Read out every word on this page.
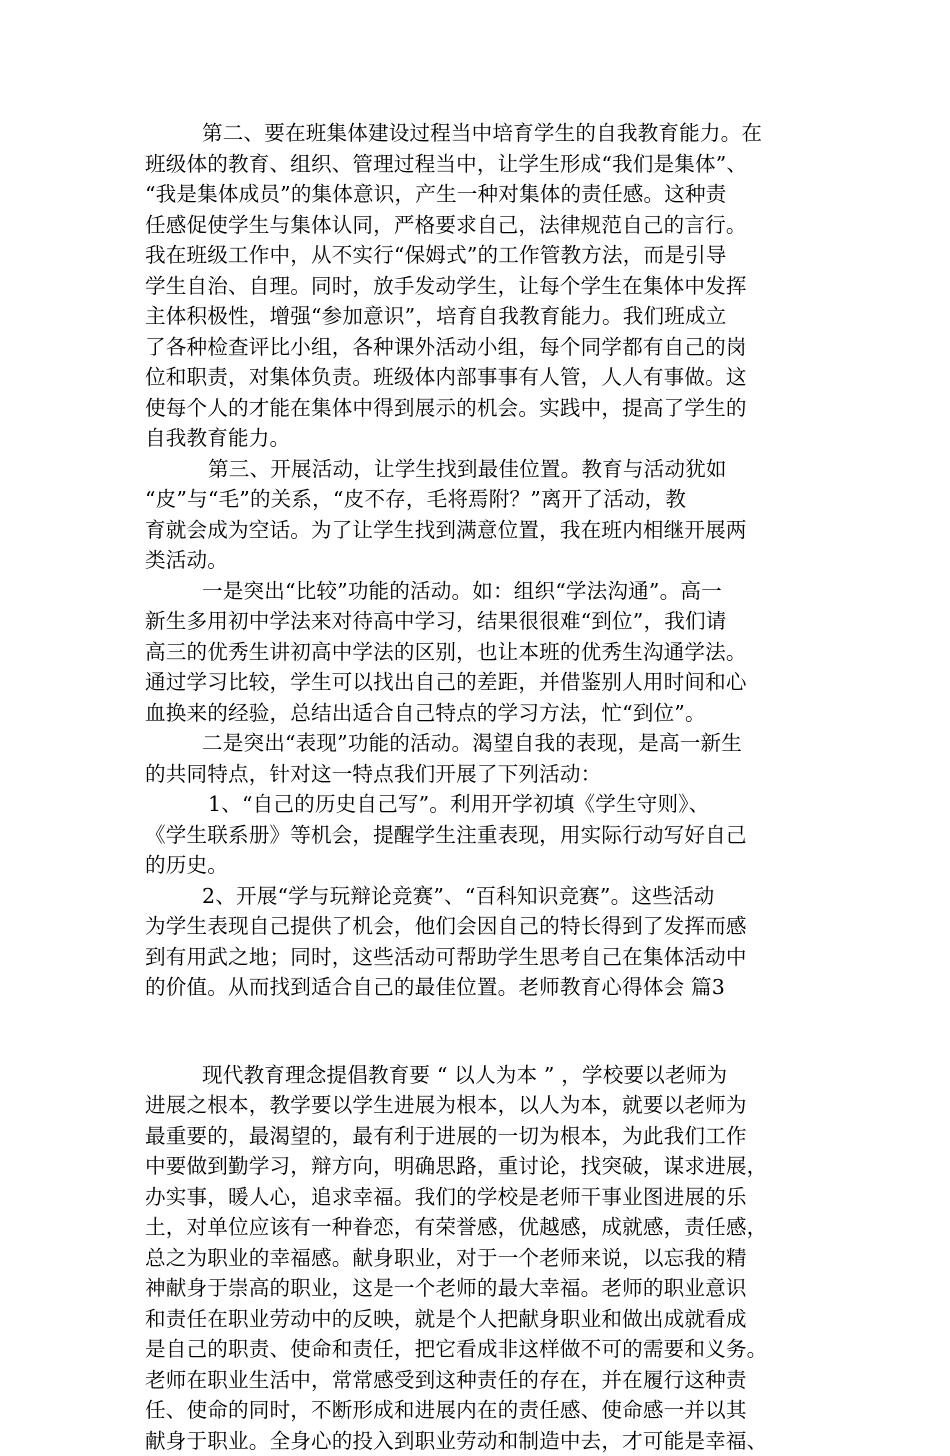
第二、要在班集体建设过程当中培育学生的自我教育能力。在
班级体的教育、组织、管理过程当中，让学生形成“我们是集体”、
“我是集体成员”的集体意识，产生一种对集体的责任感。这种责
任感促使学生与集体认同，严格要求自己，法律规范自己的言行。
我在班级工作中，从不实行“保姆式”的工作管教方法，而是引导
学生自治、自理。同时，放手发动学生，让每个学生在集体中发挥
主体积极性，增强“参加意识”，培育自我教育能力。我们班成立
了各种检查评比小组，各种课外活动小组，每个同学都有自己的岗
位和职责，对集体负责。班级体内部事事有人管，人人有事做。这
使每个人的才能在集体中得到展示的机会。实践中，提高了学生的
自我教育能力。
第三、开展活动，让学生找到最佳位置。教育与活动犹如
“皮”与“毛”的关系，“皮不存，毛将焉附？”离开了活动，教
育就会成为空话。为了让学生找到满意位置，我在班内相继开展两
类活动。
一是突出“比较”功能的活动。如：组织“学法沟通”。高一
新生多用初中学法来对待高中学习，结果很很难“到位”，我们请
高三的优秀生讲初高中学法的区别，也让本班的优秀生沟通学法。
通过学习比较，学生可以找出自己的差距，并借鉴别人用时间和心
血换来的经验，总结出适合自己特点的学习方法，忙“到位”。
二是突出“表现”功能的活动。渴望自我的表现，是高一新生
的共同特点，针对这一特点我们开展了下列活动：
1、“自己的历史自己写”。利用开学初填《学生守则》、
《学生联系册》等机会，提醒学生注重表现，用实际行动写好自己
的历史。
2、开展“学与玩辩论竞赛”、“百科知识竞赛”。这些活动
为学生表现自己提供了机会，他们会因自己的特长得到了发挥而感
到有用武之地；同时，这些活动可帮助学生思考自己在集体活动中
的价值。从而找到适合自己的最佳位置。老师教育心得体会 篇3
现代教育理念提倡教育要 “ 以人为本 ” ，学校要以老师为
进展之根本，教学要以学生进展为根本，以人为本，就要以老师为
最重要的，最渴望的，最有利于进展的一切为根本，为此我们工作
中要做到勤学习，辩方向，明确思路，重讨论，找突破，谋求进展，
办实事，暖人心，追求幸福。我们的学校是老师干事业图进展的乐
土，对单位应该有一种眷恋，有荣誉感，优越感，成就感，责任感，
总之为职业的幸福感。献身职业，对于一个老师来说，以忘我的精
神献身于崇高的职业，这是一个老师的最大幸福。老师的职业意识
和责任在职业劳动中的反映，就是个人把献身职业和做出成就看成
是自己的职责、使命和责任，把它看成非这样做不可的需要和义务。
老师在职业生活中，常常感受到这种责任的存在，并在履行这种责
任、使命的同时，不断形成和进展内在的责任感、使命感一并以其
献身于职业。全身心的投入到职业劳动和制造中去，才可能是幸福、
